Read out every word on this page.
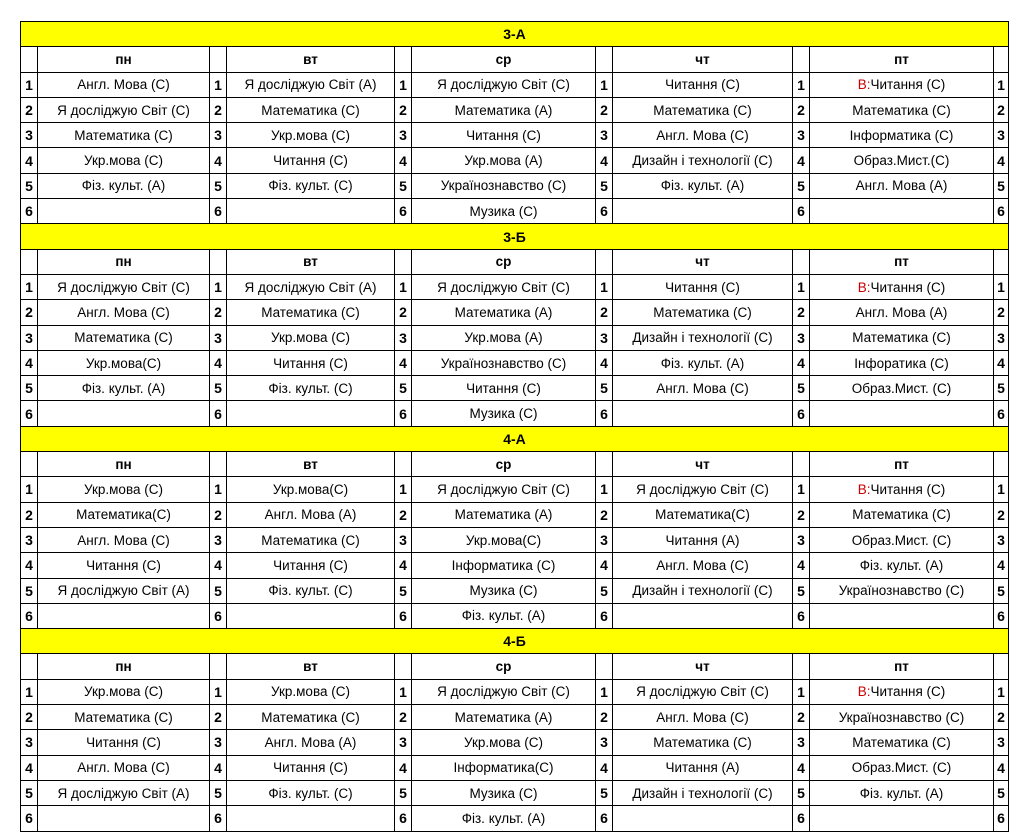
3-А										
	пн		вт		ср		чт		пт	
1	Англ. Мова (С)	1	Я досліджую Світ (А)	1	Я досліджую Світ (С)	1	Читання (С)	1	В:Читання (С)	1
2	Я досліджую Світ (С)	2	Математика (С)	2	Математика (А)	2	Математика (С)	2	Математика (С)	2
3	Математика (С)	3	Укр.мова (С)	3	Читання (С)	3	Англ. Мова (С)	3	Інформатика (С)	3
4	Укр.мова (С)	4	Читання (С)	4	Укр.мова (А)	4	Дизайн і технології (С)	4	Образ.Мист.(С)	4
5	Фіз. культ. (А)	5	Фіз. культ. (С)	5	Українознавство (С)	5	Фіз. культ. (А)	5	Англ. Мова (А)	5
6		6		6	Музика (С)	6		6		6
3-Б										
	пн		вт		ср		чт		пт	
1	Я досліджую Світ (С)	1	Я досліджую Світ (А)	1	Я досліджую Світ (С)	1	Читання (С)	1	В:Читання (С)	1
2	Англ. Мова (С)	2	Математика (С)	2	Математика (А)	2	Математика (С)	2	Англ. Мова (А)	2
3	Математика (С)	3	Укр.мова (С)	3	Укр.мова (А)	3	Дизайн і технології (С)	3	Математика (С)	3
4	Укр.мова(С)	4	Читання (С)	4	Українознавство (С)	4	Фіз. культ. (А)	4	Інфоратика (С)	4
5	Фіз. культ. (А)	5	Фіз. культ. (С)	5	Читання (С)	5	Англ. Мова (С)	5	Образ.Мист. (С)	5
6		6		6	Музика (С)	6		6		6
4-А										
	пн		вт		ср		чт		пт	
1	Укр.мова (С)	1	Укр.мова(С)	1	Я досліджую Світ (С)	1	Я досліджую Світ (С)	1	В:Читання (С)	1
2	Математика(С)	2	Англ. Мова (А)	2	Математика (А)	2	Математика(С)	2	Математика (С)	2
3	Англ. Мова (С)	3	Математика (С)	3	Укр.мова(С)	3	Читання (А)	3	Образ.Мист. (С)	3
4	Читання (С)	4	Читання (С)	4	Інформатика (С)	4	Англ. Мова (С)	4	Фіз. культ. (А)	4
5	Я досліджую Світ (А)	5	Фіз. культ. (С)	5	Музика (С)	5	Дизайн і технології (С)	5	Українознавство (С)	5
6		6		6	Фіз. культ. (А)	6		6		6
4-Б										
	пн		вт		ср		чт		пт	
1	Укр.мова (С)	1	Укр.мова (С)	1	Я досліджую Світ (С)	1	Я досліджую Світ (С)	1	В:Читання (С)	1
2	Математика (С)	2	Математика (С)	2	Математика (А)	2	Англ. Мова (С)	2	Українознавство (С)	2
3	Читання (С)	3	Англ. Мова (А)	3	Укр.мова (С)	3	Математика (С)	3	Математика (С)	3
4	Англ. Мова (С)	4	Читання (С)	4	Інформатика(С)	4	Читання (А)	4	Образ.Мист. (С)	4
5	Я досліджую Світ (А)	5	Фіз. культ. (С)	5	Музика (С)	5	Дизайн і технології (С)	5	Фіз. культ. (А)	5
6		6		6	Фіз. культ. (А)	6		6		6
